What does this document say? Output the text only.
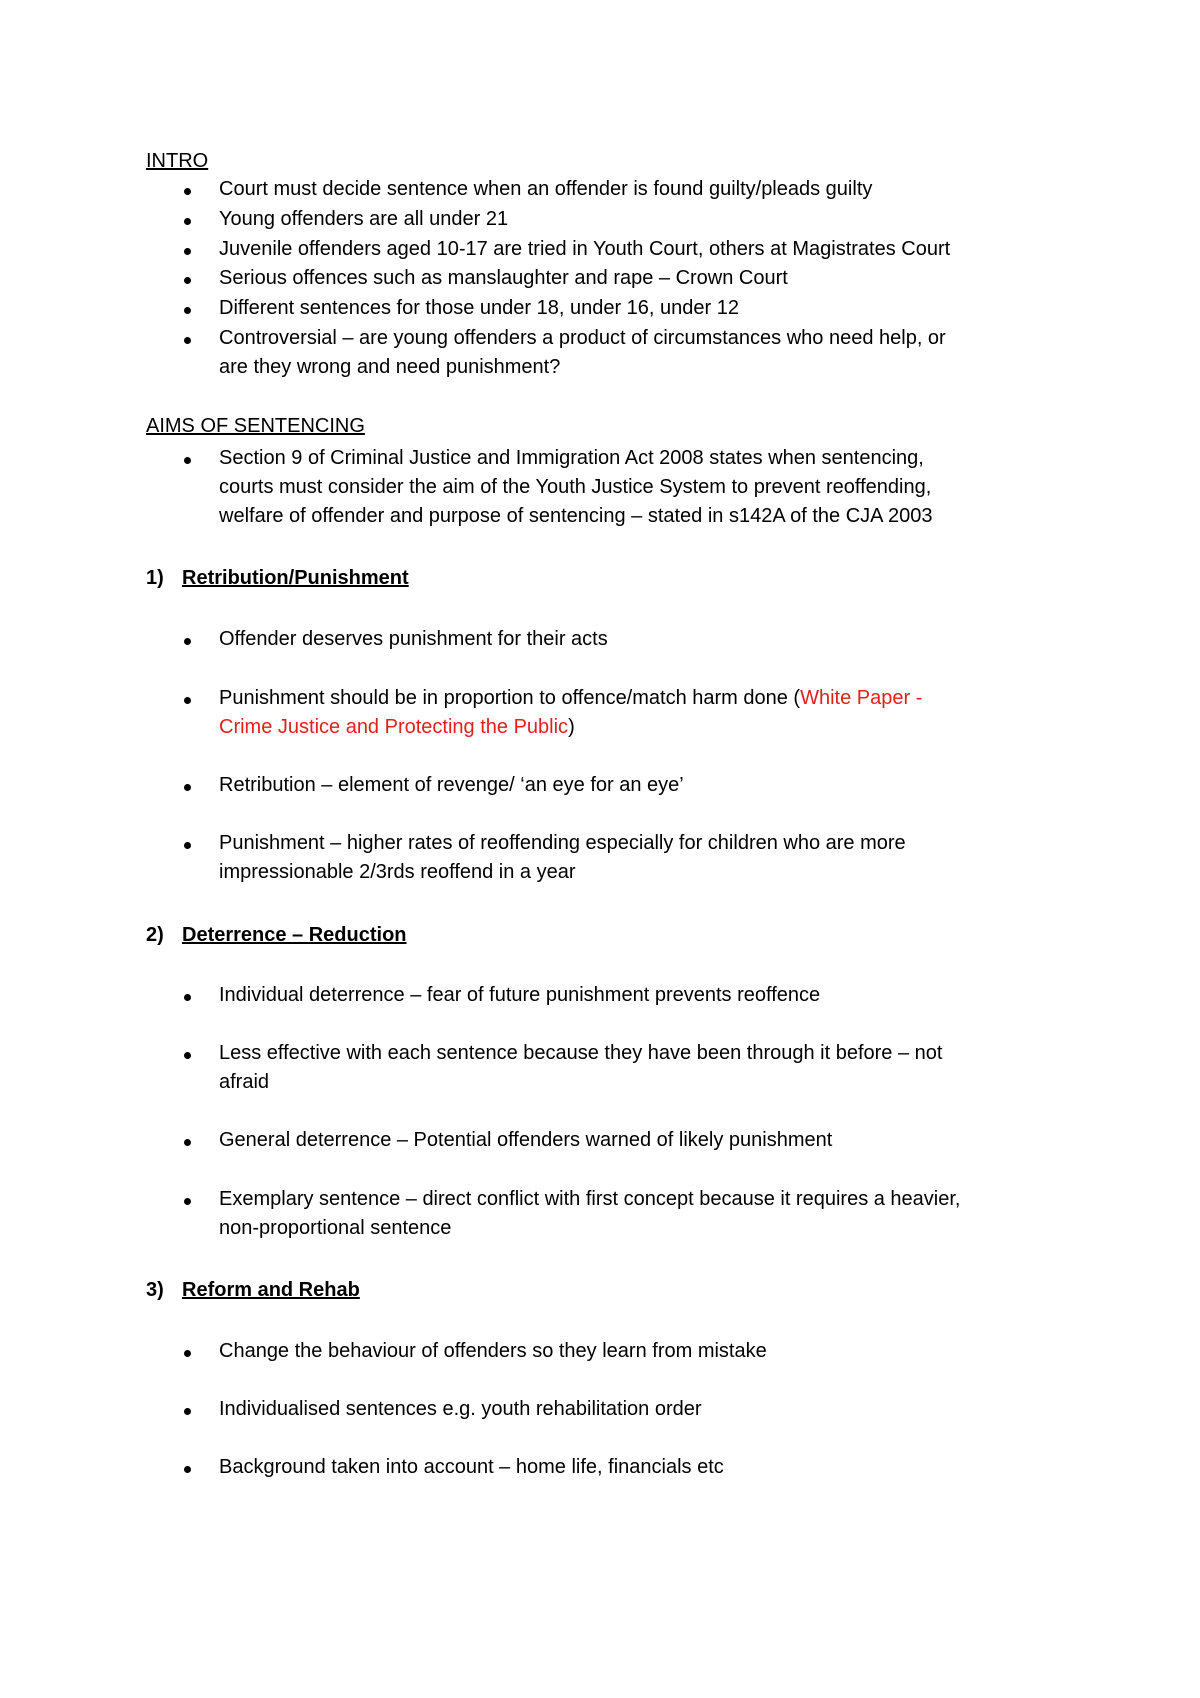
INTRO
Court must decide sentence when an offender is found guilty/pleads guilty
Young offenders are all under 21
Juvenile offenders aged 10-17 are tried in Youth Court, others at Magistrates Court
Serious offences such as manslaughter and rape – Crown Court
Different sentences for those under 18, under 16, under 12
Controversial – are young offenders a product of circumstances who need help, or
are they wrong and need punishment?
AIMS OF SENTENCING
Section 9 of Criminal Justice and Immigration Act 2008 states when sentencing,
courts must consider the aim of the Youth Justice System to prevent reoffending,
welfare of offender and purpose of sentencing – stated in s142A of the CJA 2003
1) Retribution/Punishment
Offender deserves punishment for their acts
Punishment should be in proportion to offence/match harm done (White Paper -
Crime Justice and Protecting the Public)
Retribution – element of revenge/ ‘an eye for an eye’
Punishment – higher rates of reoffending especially for children who are more
impressionable 2/3rds reoffend in a year
2) Deterrence – Reduction
Individual deterrence – fear of future punishment prevents reoffence
Less effective with each sentence because they have been through it before – not
afraid
General deterrence – Potential offenders warned of likely punishment
Exemplary sentence – direct conflict with first concept because it requires a heavier,
non-proportional sentence
3) Reform and Rehab
Change the behaviour of offenders so they learn from mistake
Individualised sentences e.g. youth rehabilitation order
Background taken into account – home life, financials etc
